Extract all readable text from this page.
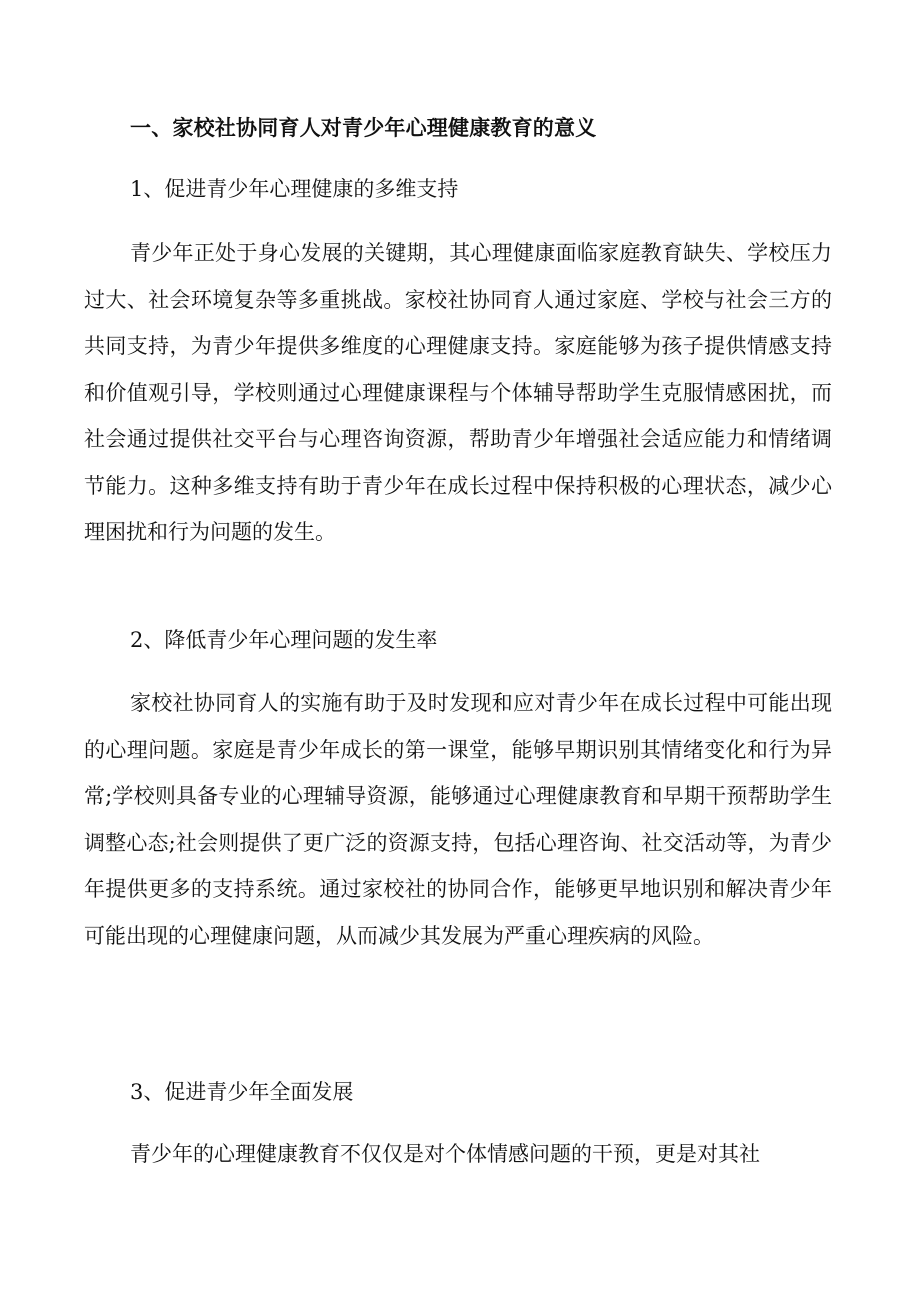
一、家校社协同育人对青少年心理健康教育的意义
1、促进青少年心理健康的多维支持

青少年正处于身心发展的关键期，其心理健康面临家庭教育缺失、学校压力过大、社会环境复杂等多重挑战。家校社协同育人通过家庭、学校与社会三方的共同支持，为青少年提供多维度的心理健康支持。家庭能够为孩子提供情感支持和价值观引导，学校则通过心理健康课程与个体辅导帮助学生克服情感困扰，而社会通过提供社交平台与心理咨询资源，帮助青少年增强社会适应能力和情绪调节能力。这种多维支持有助于青少年在成长过程中保持积极的心理状态，减少心理困扰和行为问题的发生。

2、降低青少年心理问题的发生率

家校社协同育人的实施有助于及时发现和应对青少年在成长过程中可能出现的心理问题。家庭是青少年成长的第一课堂，能够早期识别其情绪变化和行为异常;学校则具备专业的心理辅导资源，能够通过心理健康教育和早期干预帮助学生调整心态;社会则提供了更广泛的资源支持，包括心理咨询、社交活动等，为青少年提供更多的支持系统。通过家校社的协同合作，能够更早地识别和解决青少年可能出现的心理健康问题，从而减少其发展为严重心理疾病的风险。

3、促进青少年全面发展

青少年的心理健康教育不仅仅是对个体情感问题的干预，更是对其社
